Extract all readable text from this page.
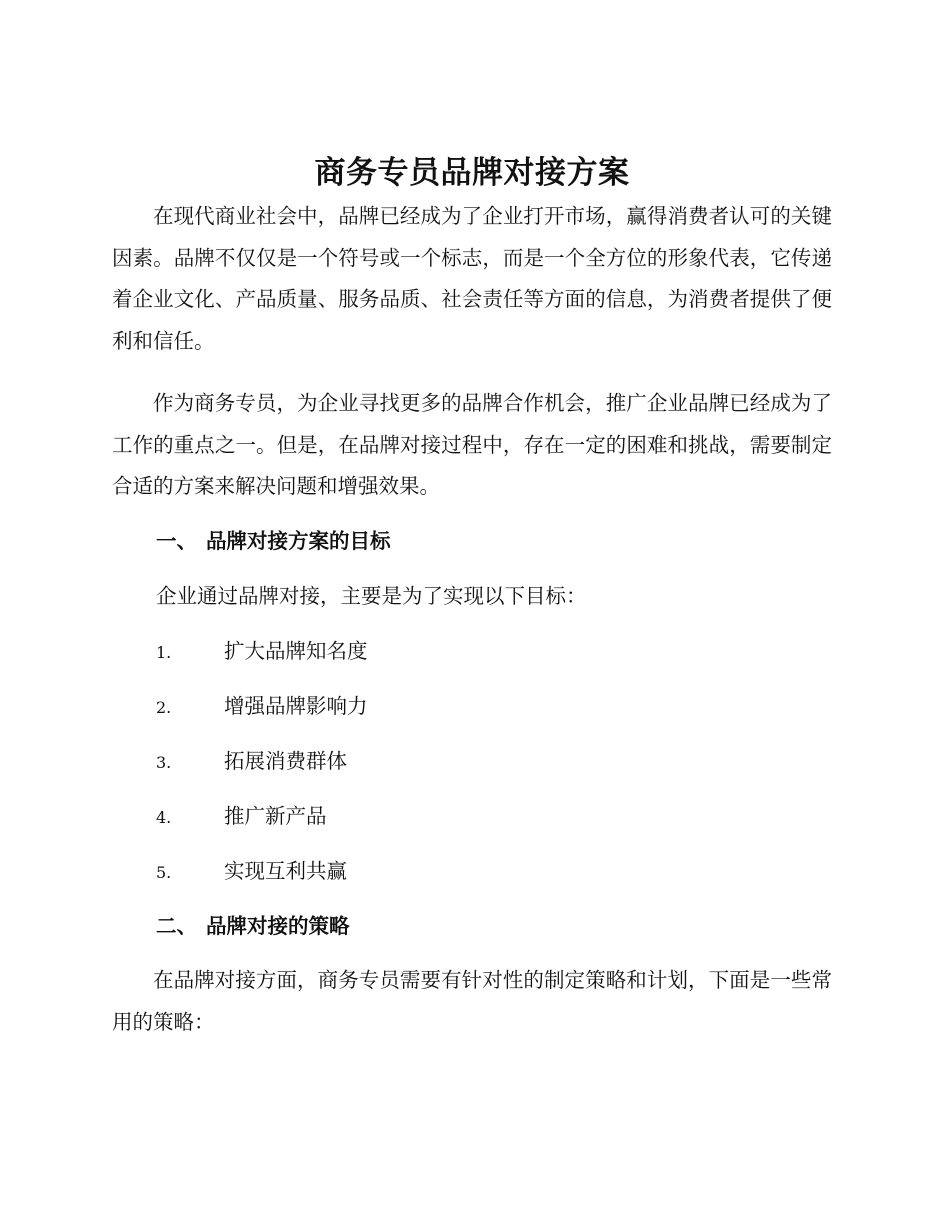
商务专员品牌对接方案

在现代商业社会中，品牌已经成为了企业打开市场，赢得消费者认可的关键因素。品牌不仅仅是一个符号或一个标志，而是一个全方位的形象代表，它传递着企业文化、产品质量、服务品质、社会责任等方面的信息，为消费者提供了便利和信任。

作为商务专员，为企业寻找更多的品牌合作机会，推广企业品牌已经成为了工作的重点之一。但是，在品牌对接过程中，存在一定的困难和挑战，需要制定合适的方案来解决问题和增强效果。

一、 品牌对接方案的目标

企业通过品牌对接，主要是为了实现以下目标：

1.	扩大品牌知名度
2.	增强品牌影响力
3.	拓展消费群体
4.	推广新产品
5.	实现互利共赢
二、 品牌对接的策略

在品牌对接方面，商务专员需要有针对性的制定策略和计划，下面是一些常用的策略：
